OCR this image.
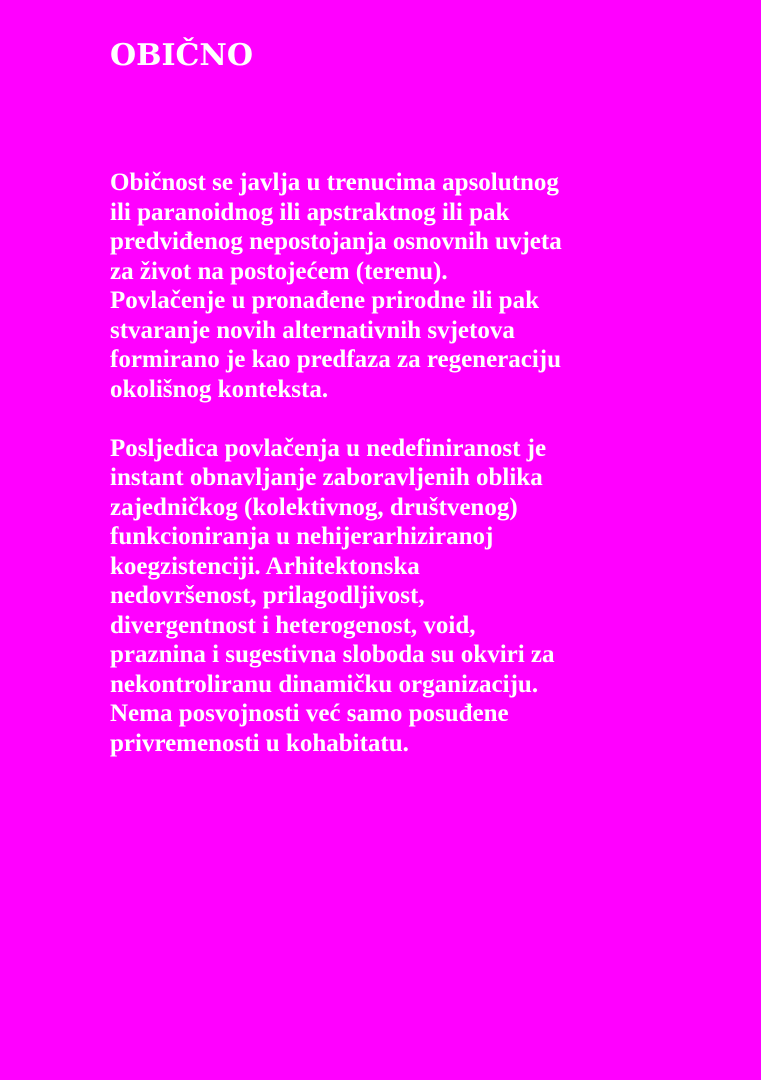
OBIČNO
Običnost se javlja u trenucima apsolutnog
ili paranoidnog ili apstraktnog ili pak
predviđenog nepostojanja osnovnih uvjeta
za život na postojećem (terenu).
Povlačenje u pronađene prirodne ili pak
stvaranje novih alternativnih svjetova
formirano je kao predfaza za regeneraciju
okolišnog konteksta.
Posljedica povlačenja u nedefiniranost je
instant obnavljanje zaboravljenih oblika
zajedničkog (kolektivnog, društvenog)
funkcioniranja u nehijerarhiziranoj
koegzistenciji. Arhitektonska
nedovršenost, prilagodljivost,
divergentnost i heterogenost, void,
praznina i sugestivna sloboda su okviri za
nekontroliranu dinamičku organizaciju.
Nema posvojnosti već samo posuđene
privremenosti u kohabitatu.
